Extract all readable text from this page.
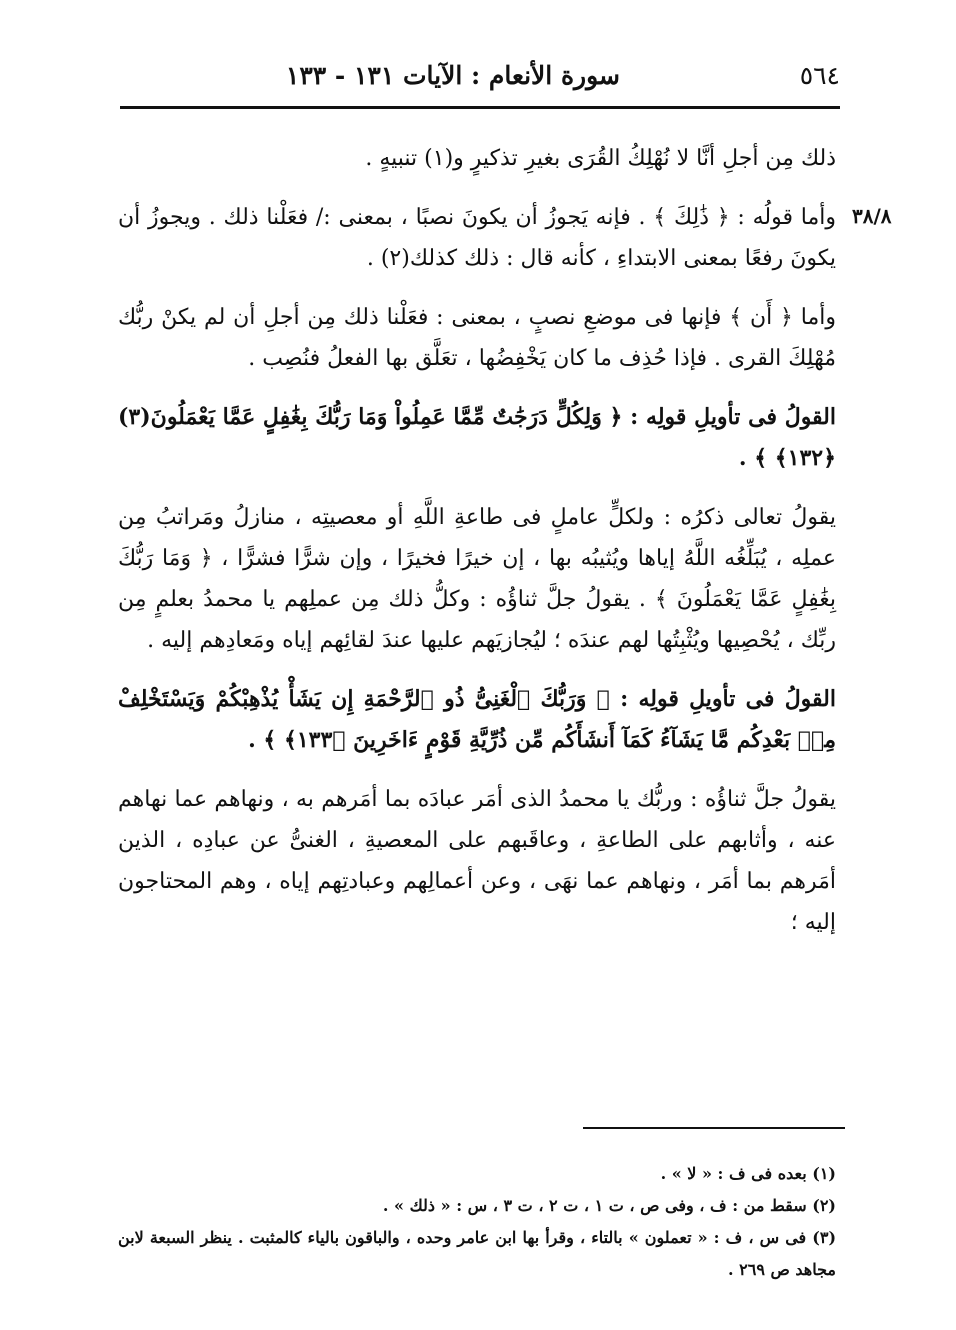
٥٦٤
سورة الأنعام : الآيات ١٣١ - ١٣٣
٣٨/٨

ذلك مِن أجلِ أنَّا لا نُهْلِكُ القُرَى بغيرِ تذكيرٍ و(١) تنبيهٍ .

وأما قولُه : ﴿ ذَٰلِكَ ﴾ . فإنه يَجوزُ أن يكونَ نصبًا ، بمعنى :/ فعَلْنا ذلك . ويجوزُ أن يكونَ رفعًا بمعنى الابتداءِ ، كأنه قال : ذلك كذلك(٢) .

وأما ﴿ أَن ﴾ فإنها فى موضعِ نصبٍ ، بمعنى : فعَلْنا ذلك مِن أجلِ أن لم يكنْ ربُّك مُهْلِكَ القرى . فإذا حُذِف ما كان يَخْفِضُها ، تعَلَّق بها الفعلُ فنُصِب .

القولُ فى تأويلِ قولِه : ﴿ وَلِكُلٍّ دَرَجَٰتٌ مِّمَّا عَمِلُواْ وَمَا رَبُّكَ بِغَٰفِلٍ عَمَّا يَعْمَلُونَ(٣) ﴿١٣٢﴾ ﴾ .

يقولُ تعالى ذكرُه : ولكلٍّ عاملٍ فى طاعةِ اللَّهِ أو معصيتِه ، منازلُ ومَراتبُ مِن عملِه ، يُبَلِّغُه اللَّهُ إياها ويُثيبُه بها ، إن خيرًا فخيرًا ، وإن شرًّا فشرًّا ، ﴿ وَمَا رَبُّكَ بِغَٰفِلٍ عَمَّا يَعْمَلُونَ ﴾ . يقولُ جلَّ ثناؤُه : وكلُّ ذلك مِن عملِهم يا محمدُ بعلمٍ مِن ربِّك ، يُحْصِيها ويُثْبِتُها لهم عندَه ؛ ليُجازيَهم عليها عندَ لقائِهم إياه ومَعادِهم إليه .

القولُ فى تأويلِ قولِه : ﴿ وَرَبُّكَ ٱلْغَنِىُّ ذُو ٱلرَّحْمَةِ إِن يَشَأْ يُذْهِبْكُمْ وَيَسْتَخْلِفْ مِنۢ بَعْدِكُم مَّا يَشَآءُ كَمَآ أَنشَأَكُم مِّن ذُرِّيَّةِ قَوْمٍ ءَاخَرِينَ ﴿١٣٣﴾ ﴾ .

يقولُ جلَّ ثناؤُه : وربُّك يا محمدُ الذى أمَر عبادَه بما أمَرهم به ، ونهاهم عما نهاهم عنه ، وأثابهم على الطاعةِ ، وعاقَبهم على المعصيةِ ، الغنىُّ عن عبادِه ، الذين أمَرهم بما أمَر ، ونهاهم عما نهَى ، وعن أعمالِهم وعبادتِهم إياه ، وهم المحتاجون إليه ؛

(١) بعده فى ف : « لا » .
(٢) سقط من : ف ، وفى ص ، ت ١ ، ت ٢ ، ت ٣ ، س : « ذلك » .
(٣) فى س ، ف : « تعملون » بالتاء ، وقرأ بها ابن عامر وحده ، والباقون بالياء كالمثبت . ينظر السبعة لابن مجاهد ص ٢٦٩ .
